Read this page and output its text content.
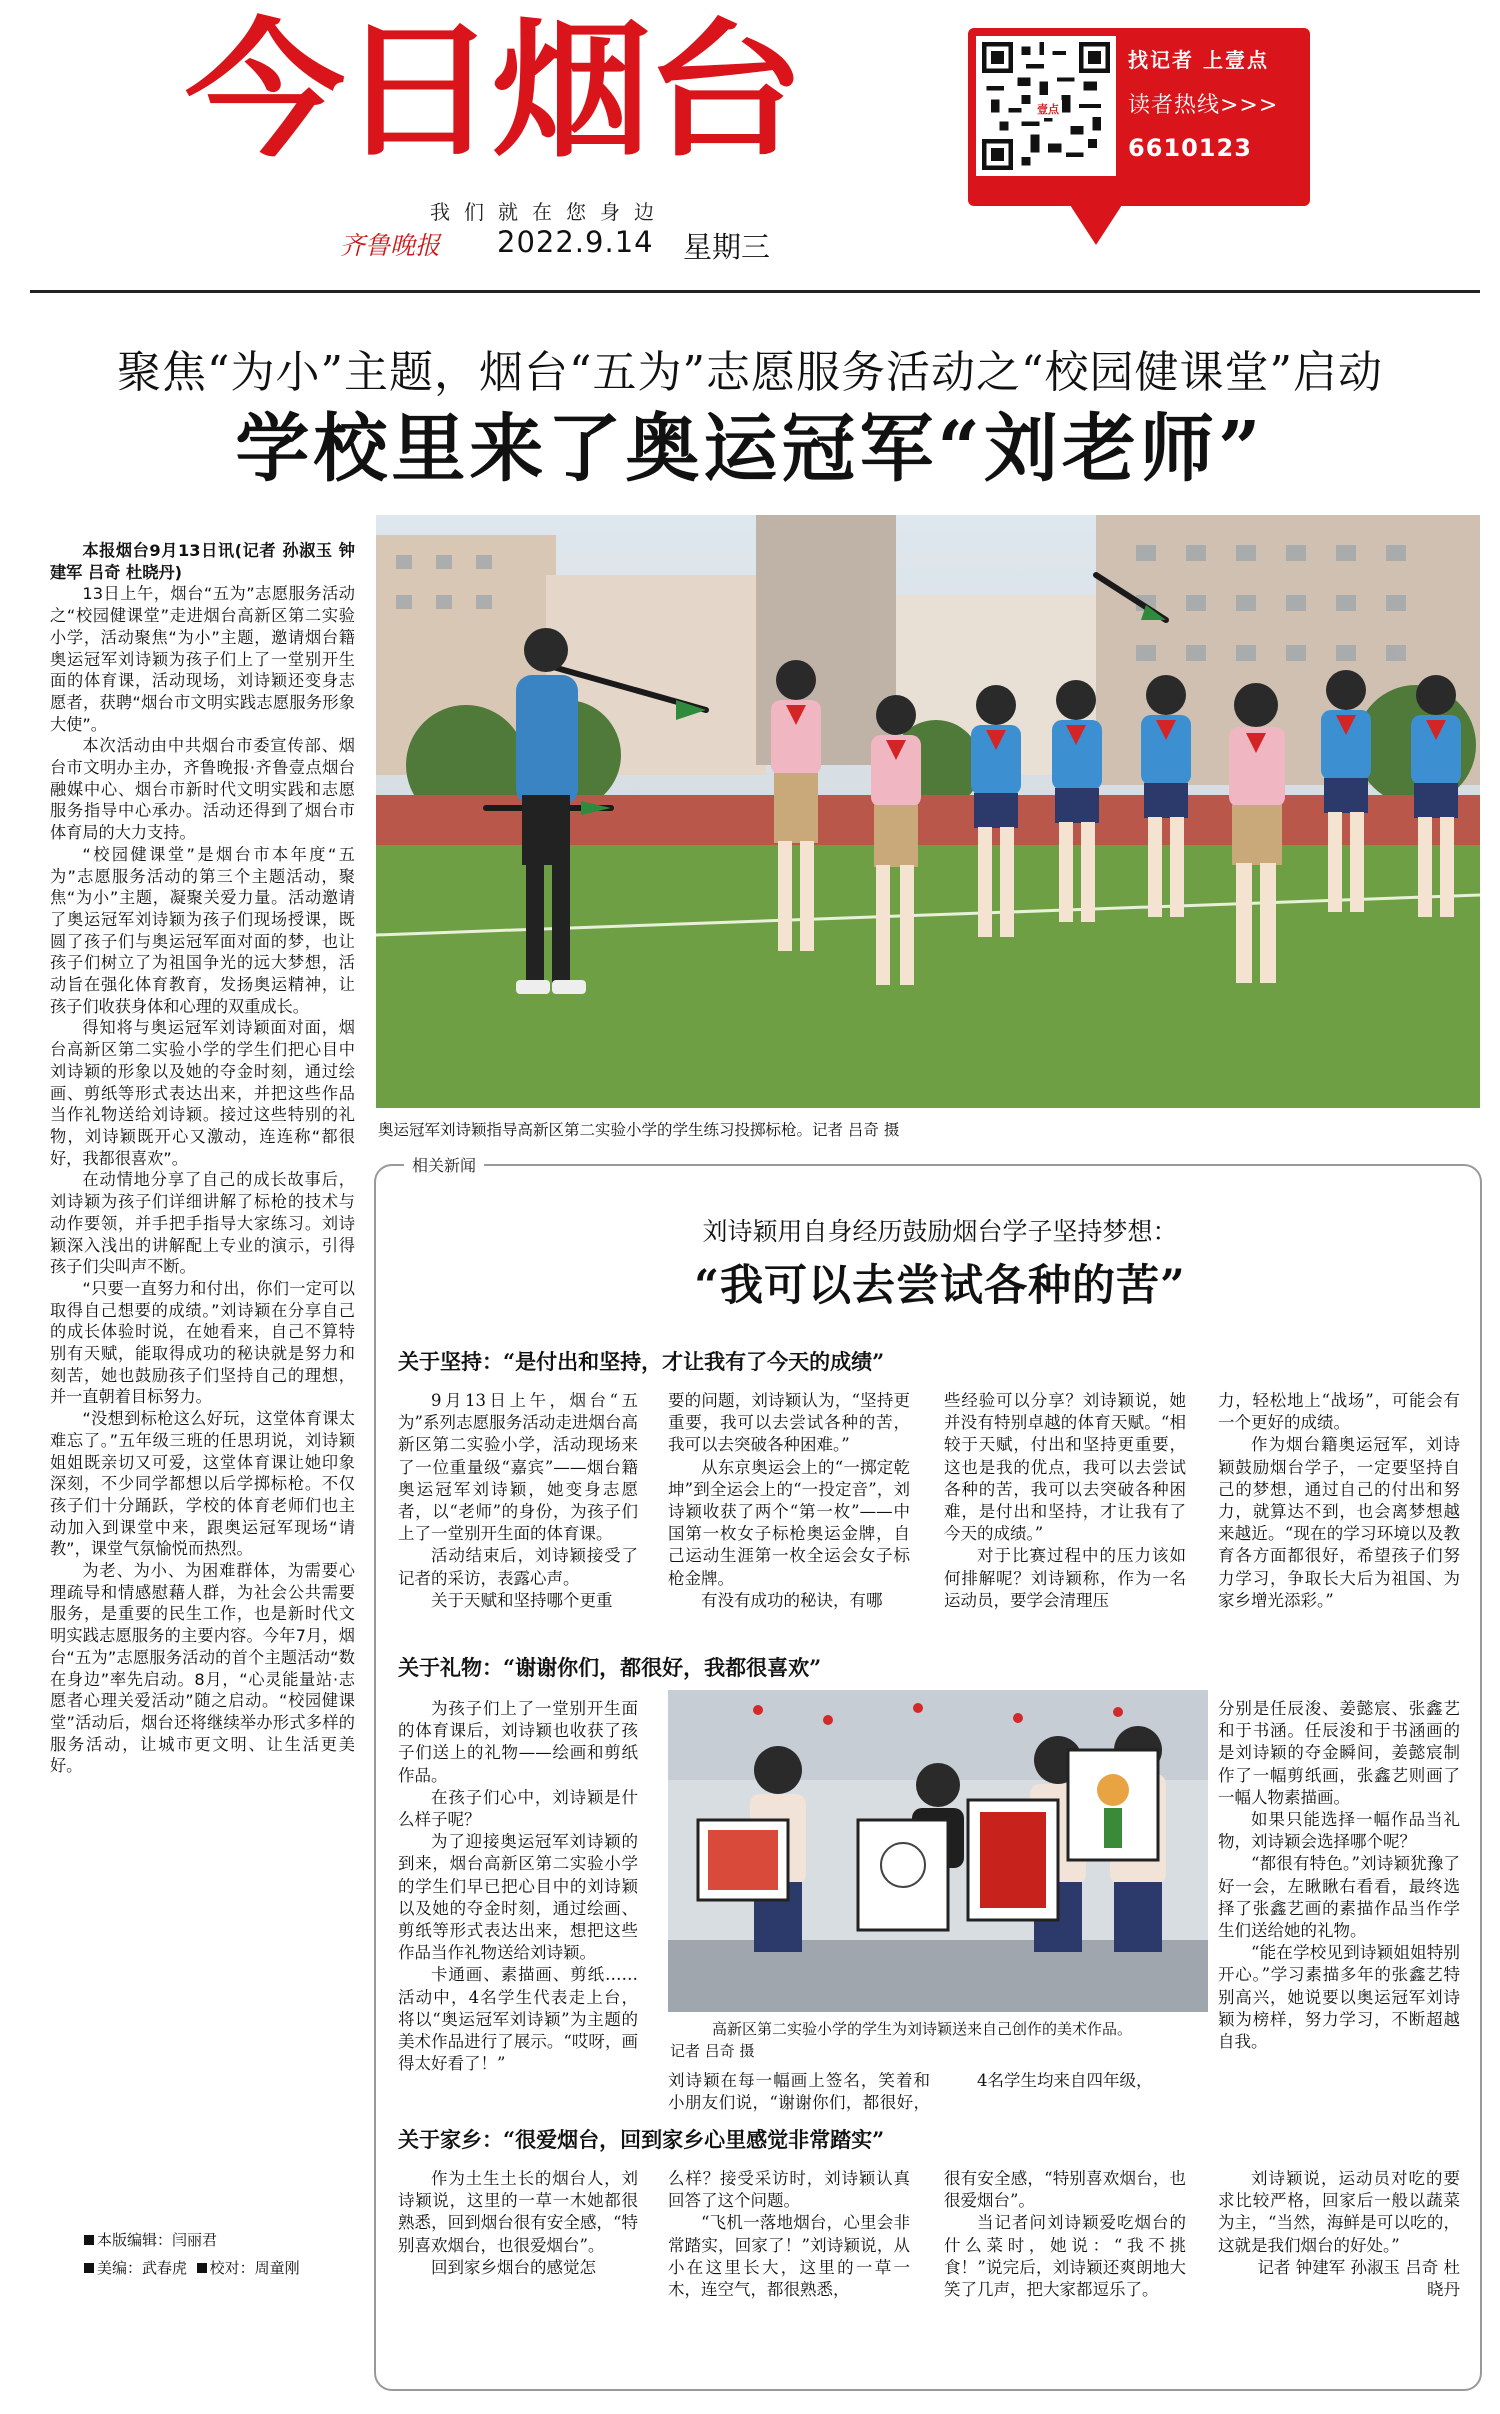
今日烟台
我们就在您身边
齐鲁晚报 2022.9.14 星期三
壹点
找记者 上壹点
读者热线>>>
6610123
聚焦“为小”主题，烟台“五为”志愿服务活动之“校园健课堂”启动
学校里来了奥运冠军“刘老师”

本报烟台9月13日讯(记者 孙淑玉 钟建军 吕奇 杜晓丹)

13日上午，烟台“五为”志愿服务活动之“校园健课堂”走进烟台高新区第二实验小学，活动聚焦“为小”主题，邀请烟台籍奥运冠军刘诗颖为孩子们上了一堂别开生面的体育课，活动现场，刘诗颖还变身志愿者，获聘“烟台市文明实践志愿服务形象大使”。

本次活动由中共烟台市委宣传部、烟台市文明办主办，齐鲁晚报·齐鲁壹点烟台融媒中心、烟台市新时代文明实践和志愿服务指导中心承办。活动还得到了烟台市体育局的大力支持。

“校园健课堂”是烟台市本年度“五为”志愿服务活动的第三个主题活动，聚焦“为小”主题，凝聚关爱力量。活动邀请了奥运冠军刘诗颖为孩子们现场授课，既圆了孩子们与奥运冠军面对面的梦，也让孩子们树立了为祖国争光的远大梦想，活动旨在强化体育教育，发扬奥运精神，让孩子们收获身体和心理的双重成长。

得知将与奥运冠军刘诗颖面对面，烟台高新区第二实验小学的学生们把心目中刘诗颖的形象以及她的夺金时刻，通过绘画、剪纸等形式表达出来，并把这些作品当作礼物送给刘诗颖。接过这些特别的礼物，刘诗颖既开心又激动，连连称“都很好，我都很喜欢”。

在动情地分享了自己的成长故事后，刘诗颖为孩子们详细讲解了标枪的技术与动作要领，并手把手指导大家练习。刘诗颖深入浅出的讲解配上专业的演示，引得孩子们尖叫声不断。

“只要一直努力和付出，你们一定可以取得自己想要的成绩。”刘诗颖在分享自己的成长体验时说，在她看来，自己不算特别有天赋，能取得成功的秘诀就是努力和刻苦，她也鼓励孩子们坚持自己的理想，并一直朝着目标努力。

“没想到标枪这么好玩，这堂体育课太难忘了。”五年级三班的任思玥说，刘诗颖姐姐既亲切又可爱，这堂体育课让她印象深刻，不少同学都想以后学掷标枪。不仅孩子们十分踊跃，学校的体育老师们也主动加入到课堂中来，跟奥运冠军现场“请教”，课堂气氛愉悦而热烈。

为老、为小、为困难群体，为需要心理疏导和情感慰藉人群，为社会公共需要服务，是重要的民生工作，也是新时代文明实践志愿服务的主要内容。今年7月，烟台“五为”志愿服务活动的首个主题活动“数在身边”率先启动。8月，“心灵能量站·志愿者心理关爱活动”随之启动。“校园健课堂”活动后，烟台还将继续举办形式多样的服务活动，让城市更文明、让生活更美好。

本版编辑：闫丽君
美编：武春虎 校对：周童刚
奥运冠军刘诗颖指导高新区第二实验小学的学生练习投掷标枪。记者 吕奇 摄
相关新闻
刘诗颖用自身经历鼓励烟台学子坚持梦想：
“我可以去尝试各种的苦”
关于坚持：“是付出和坚持，才让我有了今天的成绩”

9月13日上午，烟台“五为”系列志愿服务活动走进烟台高新区第二实验小学，活动现场来了一位重量级“嘉宾”——烟台籍奥运冠军刘诗颖，她变身志愿者，以“老师”的身份，为孩子们上了一堂别开生面的体育课。

活动结束后，刘诗颖接受了记者的采访，表露心声。

关于天赋和坚持哪个更重

要的问题，刘诗颖认为，“坚持更重要，我可以去尝试各种的苦，我可以去突破各种困难。”

从东京奥运会上的“一掷定乾坤”到全运会上的“一投定音”，刘诗颖收获了两个“第一枚”——中国第一枚女子标枪奥运金牌，自己运动生涯第一枚全运会女子标枪金牌。

有没有成功的秘诀，有哪

些经验可以分享？刘诗颖说，她并没有特别卓越的体育天赋。“相较于天赋，付出和坚持更重要，这也是我的优点，我可以去尝试各种的苦，我可以去突破各种困难，是付出和坚持，才让我有了今天的成绩。”

对于比赛过程中的压力该如何排解呢？刘诗颖称，作为一名运动员，要学会清理压

力，轻松地上“战场”，可能会有一个更好的成绩。

作为烟台籍奥运冠军，刘诗颖鼓励烟台学子，一定要坚持自己的梦想，通过自己的付出和努力，就算达不到，也会离梦想越来越近。“现在的学习环境以及教育各方面都很好，希望孩子们努力学习，争取长大后为祖国、为家乡增光添彩。”

关于礼物：“谢谢你们，都很好，我都很喜欢”

为孩子们上了一堂别开生面的体育课后，刘诗颖也收获了孩子们送上的礼物——绘画和剪纸作品。

在孩子们心中，刘诗颖是什么样子呢？

为了迎接奥运冠军刘诗颖的到来，烟台高新区第二实验小学的学生们早已把心目中的刘诗颖以及她的夺金时刻，通过绘画、剪纸等形式表达出来，想把这些作品当作礼物送给刘诗颖。

卡通画、素描画、剪纸……活动中，4名学生代表走上台，将以“奥运冠军刘诗颖”为主题的美术作品进行了展示。“哎呀，画得太好看了！”

高新区第二实验小学的学生为刘诗颖送来自己创作的美术作品。
记者 吕奇 摄

刘诗颖在每一幅画上签名，笑着和小朋友们说，“谢谢你们，都很好，

4名学生均来自四年级，

分别是任辰浚、姜懿宸、张鑫艺和于书涵。任辰浚和于书涵画的是刘诗颖的夺金瞬间，姜懿宸制作了一幅剪纸画，张鑫艺则画了一幅人物素描画。

如果只能选择一幅作品当礼物，刘诗颖会选择哪个呢？

“都很有特色。”刘诗颖犹豫了好一会，左瞅瞅右看看，最终选择了张鑫艺画的素描作品当作学生们送给她的礼物。

“能在学校见到诗颖姐姐特别开心。”学习素描多年的张鑫艺特别高兴，她说要以奥运冠军刘诗颖为榜样，努力学习，不断超越自我。

关于家乡：“很爱烟台，回到家乡心里感觉非常踏实”

作为土生土长的烟台人，刘诗颖说，这里的一草一木她都很熟悉，回到烟台很有安全感，“特别喜欢烟台，也很爱烟台”。

回到家乡烟台的感觉怎

么样？接受采访时，刘诗颖认真回答了这个问题。

“飞机一落地烟台，心里会非常踏实，回家了！”刘诗颖说，从小在这里长大，这里的一草一木，连空气，都很熟悉，

很有安全感，“特别喜欢烟台，也很爱烟台”。

当记者问刘诗颖爱吃烟台的什么菜时，她说：“我不挑食！”说完后，刘诗颖还爽朗地大笑了几声，把大家都逗乐了。

刘诗颖说，运动员对吃的要求比较严格，回家后一般以蔬菜为主，“当然，海鲜是可以吃的，这就是我们烟台的好处。”

记者 钟建军 孙淑玉 吕奇 杜晓丹
